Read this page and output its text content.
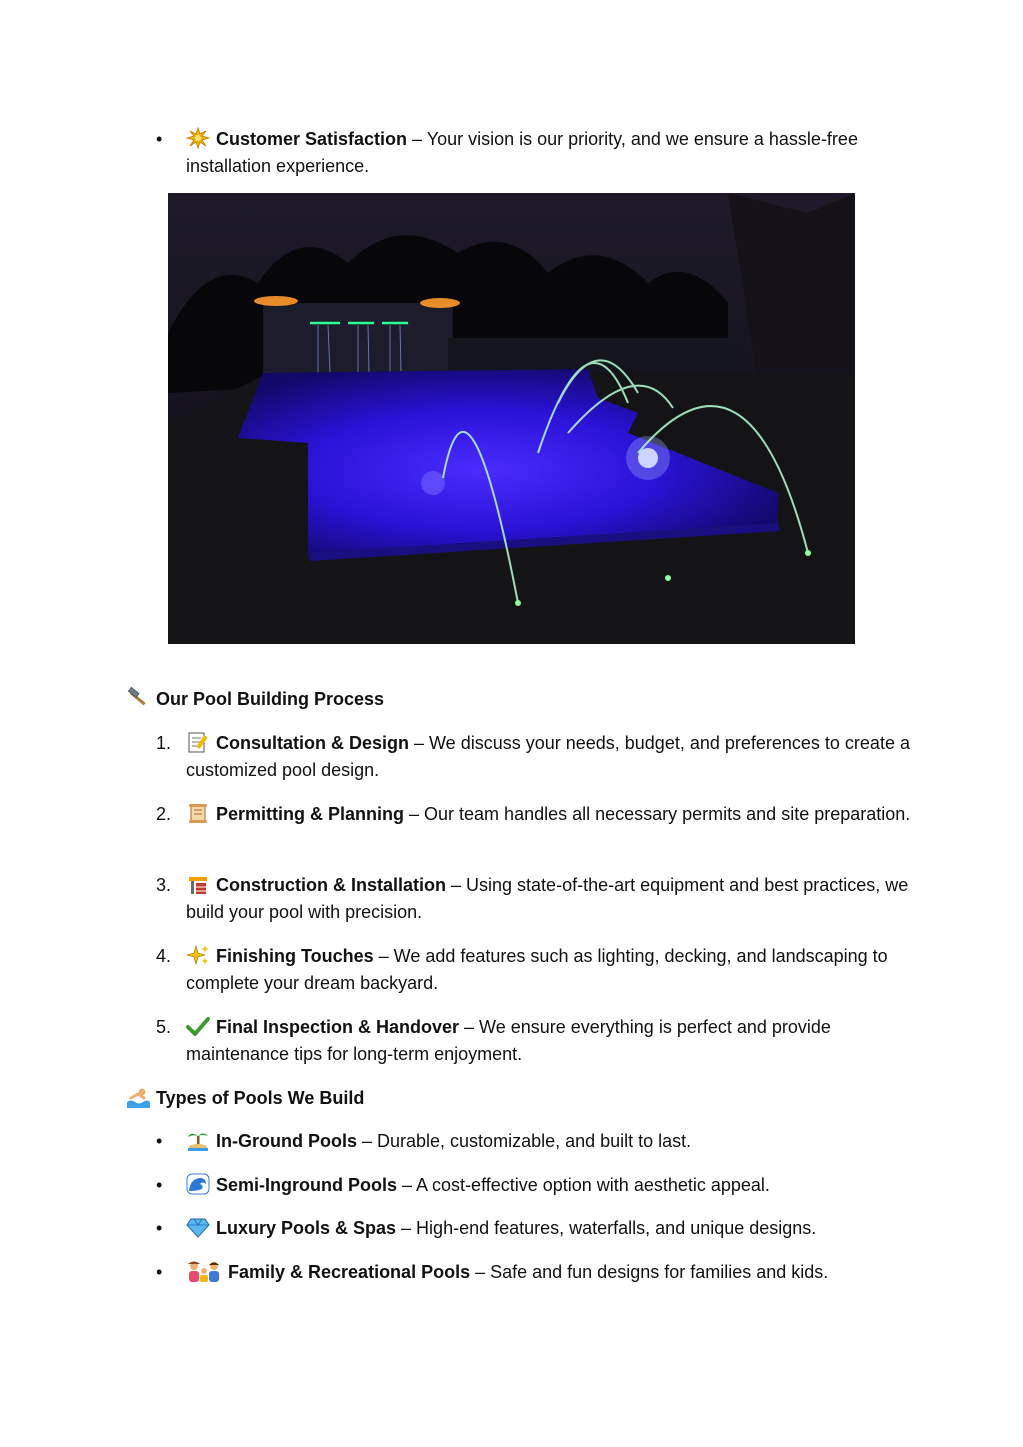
•	Customer Satisfaction – Your vision is our priority, and we ensure a hassle-free installation experience.
Our Pool Building Process
1.	Consultation & Design – We discuss your needs, budget, and preferences to create a customized pool design.
2.	Permitting & Planning – Our team handles all necessary permits and site preparation.
3.	Construction & Installation – Using state-of-the-art equipment and best practices, we build your pool with precision.
4.	Finishing Touches – We add features such as lighting, decking, and landscaping to complete your dream backyard.
5.	Final Inspection & Handover – We ensure everything is perfect and provide maintenance tips for long-term enjoyment.
Types of Pools We Build
•	In-Ground Pools – Durable, customizable, and built to last.
•	Semi-Inground Pools – A cost-effective option with aesthetic appeal.
•	Luxury Pools & Spas – High-end features, waterfalls, and unique designs.
•	Family & Recreational Pools – Safe and fun designs for families and kids.
